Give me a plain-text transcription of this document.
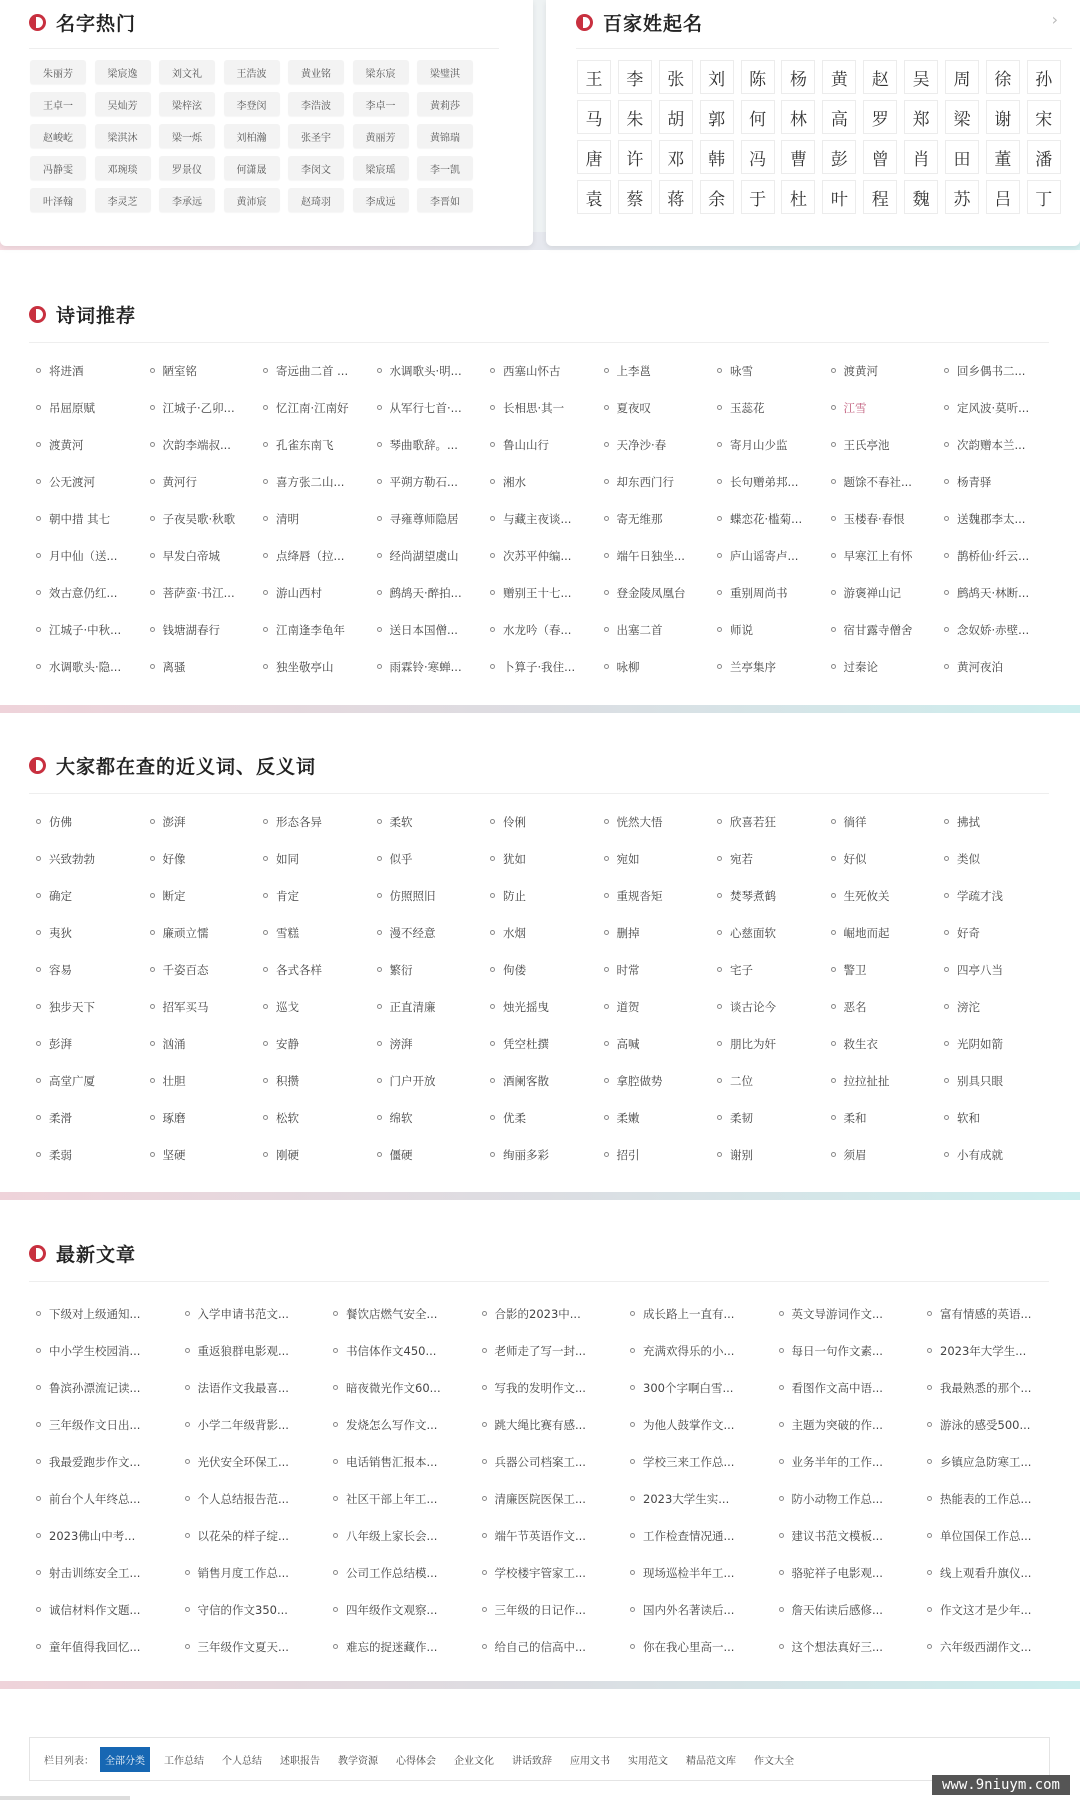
名字热门
朱丽芳	梁宸逸	刘文礼	王浩波	黄业铭	梁东宸	梁璧淇
王卓一	吴灿芳	梁梓泫	李登闵	李浩波	李卓一	黄莉莎
赵峻屹	梁淇沐	梁一烁	刘柏瀚	张圣宇	黄丽芳	黄锦瑞
冯静雯	邓琬琰	罗景仪	何潇晟	李闵文	梁宸瑶	李一凯
叶泽翰	李灵芝	李承远	黄沛宸	赵琦羽	李成远	李晋如
百家姓起名	›
王	李	张	刘	陈	杨	黄	赵	吴	周	徐	孙
马	朱	胡	郭	何	林	高	罗	郑	梁	谢	宋
唐	许	邓	韩	冯	曹	彭	曾	肖	田	董	潘
袁	蔡	蒋	余	于	杜	叶	程	魏	苏	吕	丁
诗词推荐
将进酒	陋室铭	寄远曲二首 ...	水调歌头·明...	西塞山怀古	上李邕	咏雪	渡黄河	回乡偶书二...
吊屈原赋	江城子·乙卯...	忆江南·江南好	从军行七首·...	长相思·其一	夏夜叹	玉蕊花	江雪	定风波·莫听...
渡黄河	次韵李端叔...	孔雀东南飞	琴曲歌辞。...	鲁山山行	天净沙·春	寄月山少监	王氏亭池	次韵赠本兰...
公无渡河	黄河行	喜方张二山...	平朔方勒石...	湘水	却东西门行	长句赠弟邦...	题馀不春社...	杨青驿
朝中措 其七	子夜吴歌·秋歌	清明	寻雍尊师隐居	与藏主夜谈...	寄无维那	蝶恋花·槛菊...	玉楼春·春恨	送魏郡李太...
月中仙（送...	早发白帝城	点绛唇（拉...	经尚湖望虞山	次苏平仲编...	端午日独坐...	庐山谣寄卢...	早寒江上有怀	鹊桥仙·纤云...
效古意仍红...	菩萨蛮·书江...	游山西村	鹧鸪天·醉拍...	赠别王十七...	登金陵凤凰台	重别周尚书	游褒禅山记	鹧鸪天·林断...
江城子·中秋...	钱塘湖春行	江南逢李龟年	送日本国僧...	水龙吟（春...	出塞二首	师说	宿甘露寺僧舍	念奴娇·赤壁...
水调歌头·隐...	离骚	独坐敬亭山	雨霖铃·寒蝉...	卜算子·我住...	咏柳	兰亭集序	过秦论	黄河夜泊
大家都在查的近义词、反义词
仿佛	澎湃	形态各异	柔软	伶俐	恍然大悟	欣喜若狂	徜徉	拂拭
兴致勃勃	好像	如同	似乎	犹如	宛如	宛若	好似	类似
确定	断定	肯定	仿照照旧	防止	重规沓矩	焚琴煮鹤	生死攸关	学疏才浅
夷狄	廉顽立懦	雪糕	漫不经意	水烟	删掉	心慈面软	崛地而起	好奇
容易	千姿百态	各式各样	繁衍	佝偻	时常	宅子	警卫	四亭八当
独步天下	招军买马	巡戈	正直清廉	烛光摇曳	道贺	谈古论今	恶名	滂沱
彭湃	汹涌	安静	滂湃	凭空杜撰	高喊	朋比为奸	救生衣	光阴如箭
高堂广厦	壮胆	积攒	门户开放	酒阑客散	拿腔做势	二位	拉拉扯扯	别具只眼
柔滑	琢磨	松软	绵软	优柔	柔嫩	柔韧	柔和	软和
柔弱	坚硬	刚硬	僵硬	绚丽多彩	招引	谢别	须眉	小有成就
最新文章
下级对上级通知...	入学申请书范文...	餐饮店燃气安全...	合影的2023中...	成长路上一直有...	英文导游词作文...	富有情感的英语...
中小学生校园消...	重返狼群电影观...	书信体作文450...	老师走了写一封...	充满欢得乐的小...	每日一句作文素...	2023年大学生...
鲁滨孙漂流记读...	法语作文我最喜...	暗夜微光作文60...	写我的发明作文...	300个字啊白雪...	看图作文高中语...	我最熟悉的那个...
三年级作文日出...	小学二年级背影...	发烧怎么写作文...	跳大绳比赛有感...	为他人鼓掌作文...	主题为突破的作...	游泳的感受500...
我最爱跑步作文...	光伏安全环保工...	电话销售汇报本...	兵器公司档案工...	学校三来工作总...	业务半年的工作...	乡镇应急防寒工...
前台个人年终总...	个人总结报告范...	社区干部上年工...	清廉医院医保工...	2023大学生实...	防小动物工作总...	热能表的工作总...
2023佛山中考...	以花朵的样子绽...	八年级上家长会...	端午节英语作文...	工作检查情况通...	建议书范文模板...	单位国保工作总...
射击训练安全工...	销售月度工作总...	公司工作总结模...	学校楼宇管家工...	现场巡检半年工...	骆驼祥子电影观...	线上观看升旗仪...
诚信材料作文题...	守信的作文350...	四年级作文观察...	三年级的日记作...	国内外名著读后...	詹天佑读后感修...	作文这才是少年...
童年值得我回忆...	三年级作文夏天...	难忘的捉迷藏作...	给自己的信高中...	你在我心里高一...	这个想法真好三...	六年级西湖作文...
栏目列表：	全部分类	工作总结 个人总结 述职报告 教学资源 心得体会 企业文化 讲话致辞 应用文书 实用范文 精品范文库 作文大全
www.9niuym.com
